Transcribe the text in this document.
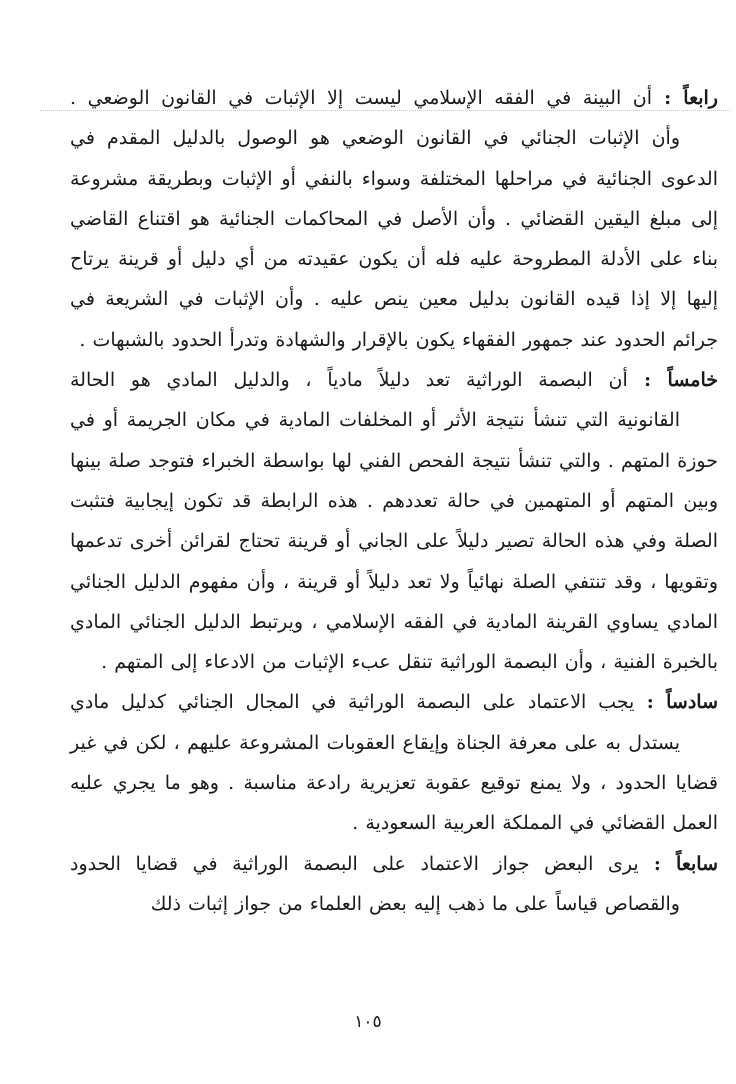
رابعاً : أن البينة في الفقه الإسلامي ليست إلا الإثبات في القانون الوضعي . وأن الإثبات الجنائي في القانون الوضعي هو الوصول بالدليل المقدم في الدعوى الجنائية في مراحلها المختلفة وسواء بالنفي أو الإثبات وبطريقة مشروعة إلى مبلغ اليقين القضائي . وأن الأصل في المحاكمات الجنائية هو اقتناع القاضي بناء على الأدلة المطروحة عليه فله أن يكون عقيدته من أي دليل أو قرينة يرتاح إليها إلا إذا قيده القانون بدليل معين ينص عليه . وأن الإثبات في الشريعة في جرائم الحدود عند جمهور الفقهاء يكون بالإقرار والشهادة وتدرأ الحدود بالشبهات .

خامساً : أن البصمة الوراثية تعد دليلاً مادياً ، والدليل المادي هو الحالة القانونية التي تنشأ نتيجة الأثر أو المخلفات المادية في مكان الجريمة أو في حوزة المتهم . والتي تنشأ نتيجة الفحص الفني لها بواسطة الخبراء فتوجد صلة بينها وبين المتهم أو المتهمين في حالة تعددهم . هذه الرابطة قد تكون إيجابية فتثبت الصلة وفي هذه الحالة تصير دليلاً على الجاني أو قرينة تحتاج لقرائن أخرى تدعمها وتقويها ، وقد تنتفي الصلة نهائياً ولا تعد دليلاً أو قرينة ، وأن مفهوم الدليل الجنائي المادي يساوي القرينة المادية في الفقه الإسلامي ، ويرتبط الدليل الجنائي المادي بالخبرة الفنية ، وأن البصمة الوراثية تنقل عبء الإثبات من الادعاء إلى المتهم .

سادساً : يجب الاعتماد على البصمة الوراثية في المجال الجنائي كدليل مادي يستدل به على معرفة الجناة وإيقاع العقوبات المشروعة عليهم ، لكن في غير قضايا الحدود ، ولا يمنع توقيع عقوبة تعزيرية رادعة مناسبة . وهو ما يجري عليه العمل القضائي في المملكة العربية السعودية .

سابعاً : يرى البعض جواز الاعتماد على البصمة الوراثية في قضايا الحدود والقصاص قياساً على ما ذهب إليه بعض العلماء من جواز إثبات ذلك

١٠٥
